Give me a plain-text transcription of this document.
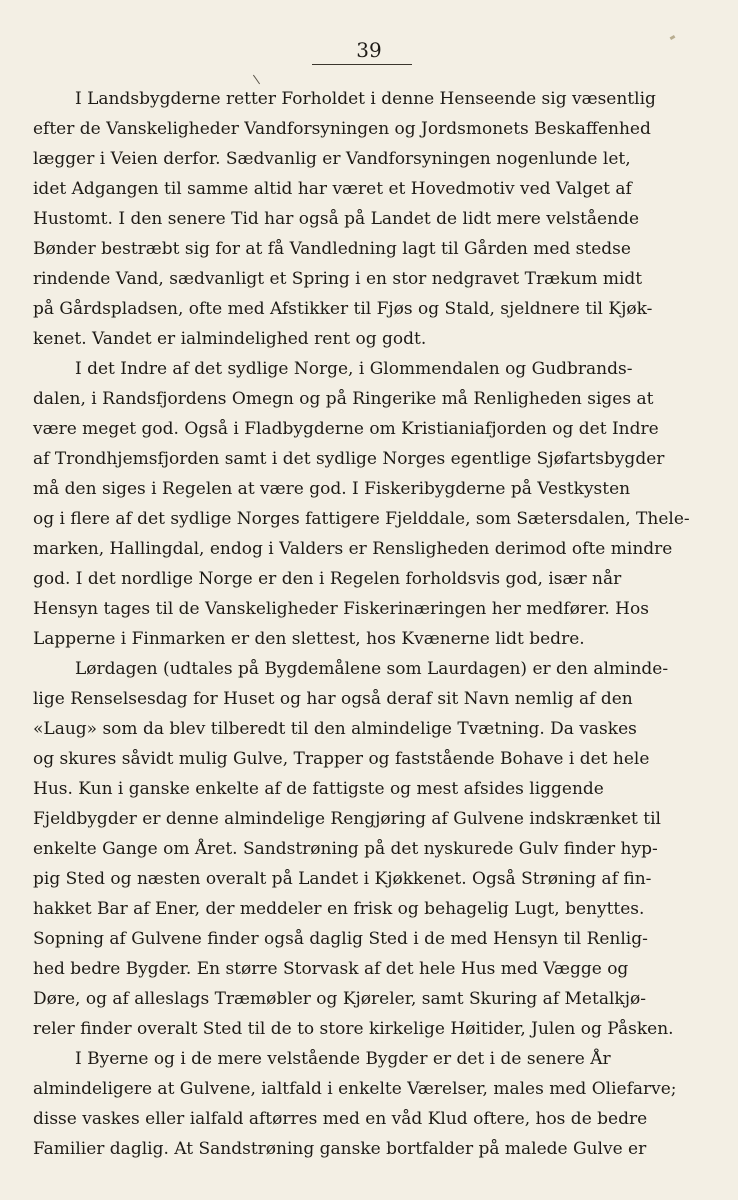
39
I Landsbygderne retter Forholdet i denne Henseende sig væsentlig
efter de Vanskeligheder Vandforsyningen og Jordsmonets Beskaffenhed
lægger i Veien derfor. Sædvanlig er Vandforsyningen nogenlunde let,
idet Adgangen til samme altid har været et Hovedmotiv ved Valget af
Hustomt. I den senere Tid har også på Landet de lidt mere velstående
Bønder bestræbt sig for at få Vandledning lagt til Gården med stedse
rindende Vand, sædvanligt et Spring i en stor nedgravet Trækum midt
på Gårdspladsen, ofte med Afstikker til Fjøs og Stald, sjeldnere til Kjøk-
kenet. Vandet er ialmindelighed rent og godt.
I det Indre af det sydlige Norge, i Glommendalen og Gudbrands-
dalen, i Randsfjordens Omegn og på Ringerike må Renligheden siges at
være meget god. Også i Fladbygderne om Kristianiafjorden og det Indre
af Trondhjemsfjorden samt i det sydlige Norges egentlige Sjøfartsbygder
må den siges i Regelen at være god. I Fiskeribygderne på Vestkysten
og i flere af det sydlige Norges fattigere Fjelddale, som Sætersdalen, Thele-
marken, Hallingdal, endog i Valders er Rensligheden derimod ofte mindre
god. I det nordlige Norge er den i Regelen forholdsvis god, især når
Hensyn tages til de Vanskeligheder Fiskerinæringen her medfører. Hos
Lapperne i Finmarken er den slettest, hos Kvænerne lidt bedre.
Lørdagen (udtales på Bygdemålene som Laurdagen) er den alminde-
lige Renselsesdag for Huset og har også deraf sit Navn nemlig af den
«Laug» som da blev tilberedt til den almindelige Tvætning. Da vaskes
og skures såvidt mulig Gulve, Trapper og faststående Bohave i det hele
Hus. Kun i ganske enkelte af de fattigste og mest afsides liggende
Fjeldbygder er denne almindelige Rengjøring af Gulvene indskrænket til
enkelte Gange om Året. Sandstrøning på det nyskurede Gulv finder hyp-
pig Sted og næsten overalt på Landet i Kjøkkenet. Også Strøning af fin-
hakket Bar af Ener, der meddeler en frisk og behagelig Lugt, benyttes.
Sopning af Gulvene finder også daglig Sted i de med Hensyn til Renlig-
hed bedre Bygder. En større Storvask af det hele Hus med Vægge og
Døre, og af alleslags Træmøbler og Kjøreler, samt Skuring af Metalkjø-
reler finder overalt Sted til de to store kirkelige Høitider, Julen og Påsken.
I Byerne og i de mere velstående Bygder er det i de senere År
almindeligere at Gulvene, ialtfald i enkelte Værelser, males med Oliefarve;
disse vaskes eller ialfald aftørres med en våd Klud oftere, hos de bedre
Familier daglig. At Sandstrøning ganske bortfalder på malede Gulve er
